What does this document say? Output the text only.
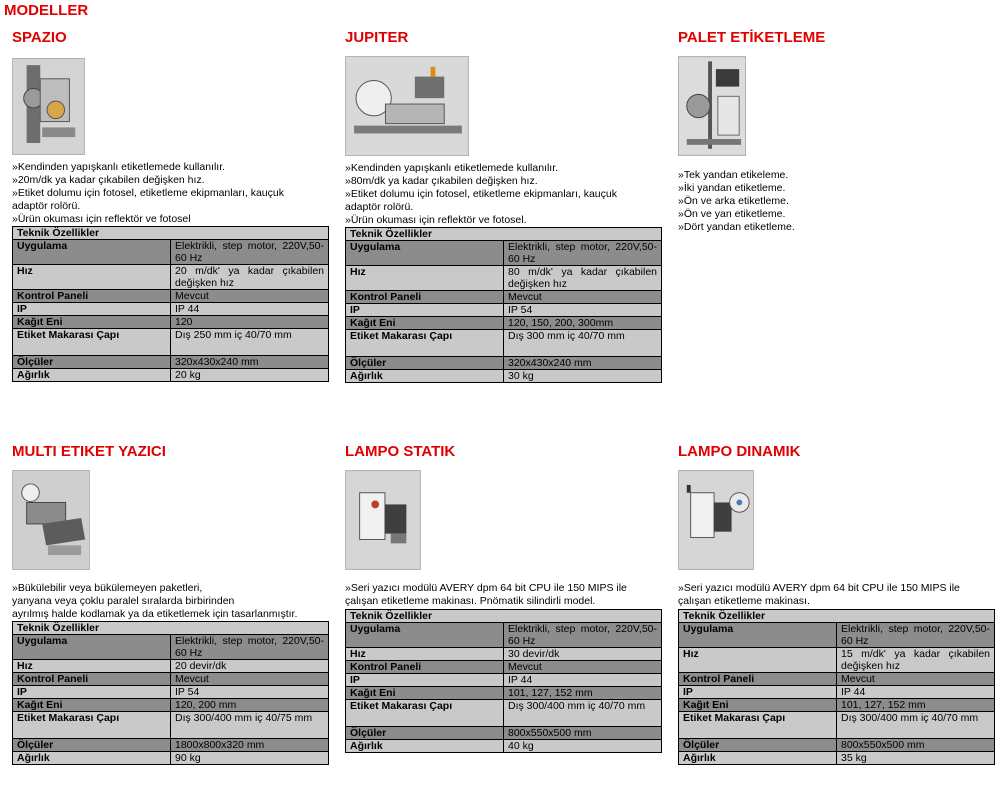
MODELLER
SPAZIO
»Kendinden yapışkanlı etiketlemede kullanılır.
»20m/dk ya kadar çıkabilen değişken hız.
»Etiket dolumu için fotosel, etiketleme ekipmanları, kauçuk
adaptör rolörü.
»Ürün okuması için reflektör ve fotosel
Teknik Özellikler	
Uygulama	Elektrikli, step motor, 220V,50-60 Hz
Hız	20 m/dk' ya kadar çıkabilen değişken hız
Kontrol Paneli	Mevcut
IP	IP 44
Kağıt Eni	120
Etiket Makarası Çapı	Dış 250 mm iç 40/70 mm
Ölçüler	320x430x240 mm
Ağırlık	20 kg
JUPITER
»Kendinden yapışkanlı etiketlemede kullanılır.
»80m/dk ya kadar çıkabilen değişken hız.
»Etiket dolumu için fotosel, etiketleme ekipmanları, kauçuk
adaptör rolörü.
»Ürün okuması için reflektör ve fotosel.
Teknik Özellikler	
Uygulama	Elektrikli, step motor, 220V,50-60 Hz
Hız	80 m/dk' ya kadar çıkabilen değişken hız
Kontrol Paneli	Mevcut
IP	IP 54
Kağıt Eni	120, 150, 200, 300mm
Etiket Makarası Çapı	Dış 300 mm iç 40/70 mm
Ölçüler	320x430x240 mm
Ağırlık	30 kg
PALET ETİKETLEME
»Tek yandan etikeleme.
»İki yandan etiketleme.
»Ön ve arka etiketleme.
»Ön ve yan etiketleme.
»Dört yandan etiketleme.
MULTI ETIKET YAZICI
»Bükülebilir veya bükülemeyen paketleri,
yanyana veya çoklu paralel sıralarda birbirinden
ayrılmış halde kodlamak ya da etiketlemek için tasarlanmıştır.
Teknik Özellikler	
Uygulama	Elektrikli, step motor, 220V,50-60 Hz
Hız	20 devir/dk
Kontrol Paneli	Mevcut
IP	IP 54
Kağıt Eni	120, 200 mm
Etiket Makarası Çapı	Dış 300/400 mm iç 40/75 mm
Ölçüler	1800x800x320 mm
Ağırlık	90 kg
LAMPO STATIK
»Seri yazıcı modülü AVERY dpm 64 bit CPU ile 150 MIPS ile
çalışan etiketleme makinası. Pnömatik silindirli model.
Teknik Özellikler	
Uygulama	Elektrikli, step motor, 220V,50-60 Hz
Hız	30 devir/dk
Kontrol Paneli	Mevcut
IP	IP 44
Kağıt Eni	101, 127, 152 mm
Etiket Makarası Çapı	Dış 300/400 mm iç 40/70 mm
Ölçüler	800x550x500 mm
Ağırlık	40 kg
LAMPO DINAMIK
»Seri yazıcı modülü AVERY dpm 64 bit CPU ile 150 MIPS ile
çalışan etiketleme makinası.
Teknik Özellikler	
Uygulama	Elektrikli, step motor, 220V,50-60 Hz
Hız	15 m/dk' ya kadar çıkabilen değişken hız
Kontrol Paneli	Mevcut
IP	IP 44
Kağıt Eni	101, 127, 152 mm
Etiket Makarası Çapı	Dış 300/400 mm iç 40/70 mm
Ölçüler	800x550x500 mm
Ağırlık	35 kg
